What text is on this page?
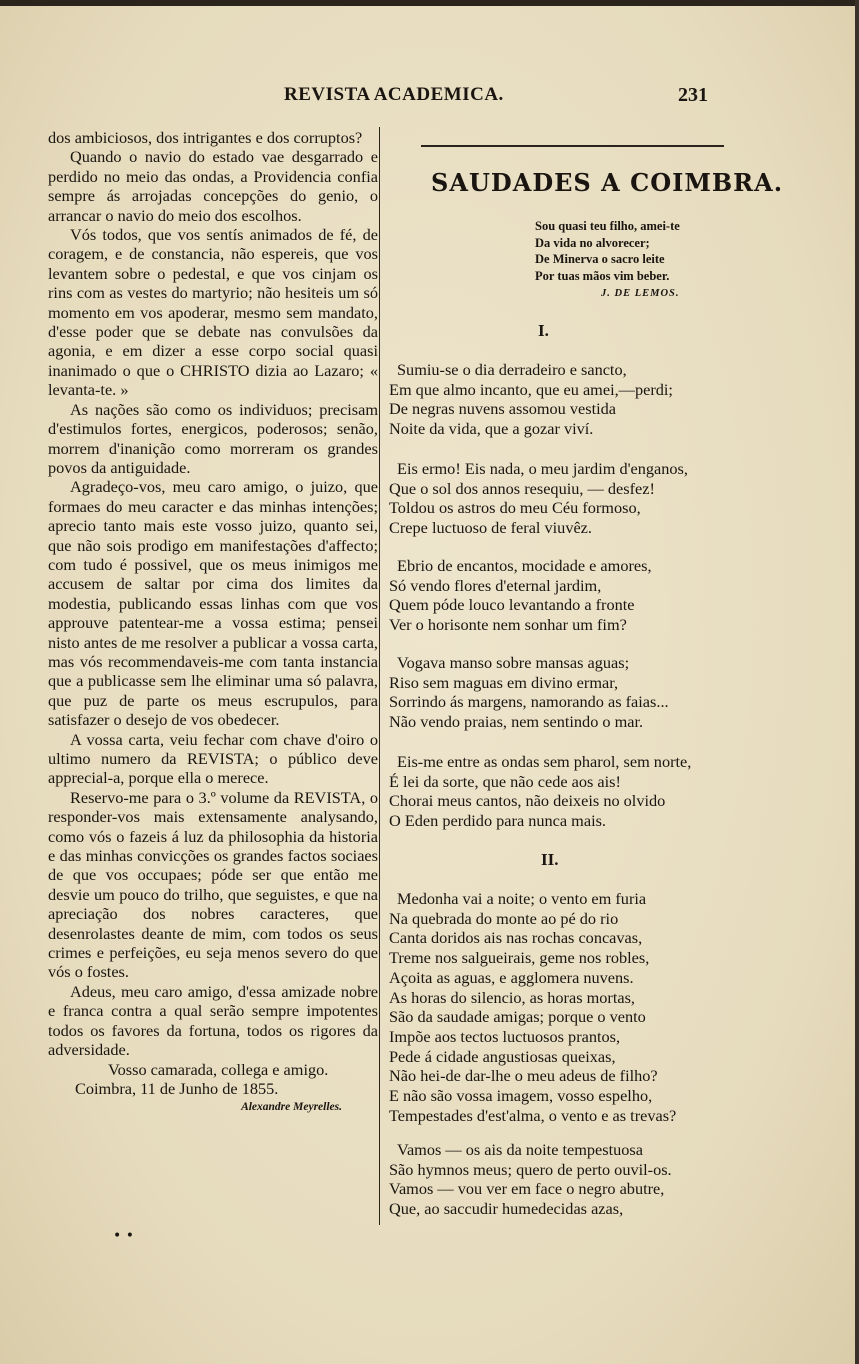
REVISTA ACADEMICA.	231

dos ambiciosos, dos intrigantes e dos corruptos?

Quando o navio do estado vae desgarrado e perdido no meio das ondas, a Providencia confia sempre ás arrojadas concepções do genio, o arrancar o navio do meio dos escolhos.

Vós todos, que vos sentís animados de fé, de coragem, e de constancia, não espereis, que vos levantem sobre o pedestal, e que vos cinjam os rins com as vestes do martyrio; não hesiteis um só momento em vos apoderar, mesmo sem mandato, d'esse poder que se debate nas convulsões da agonia, e em dizer a esse corpo social quasi inanimado o que o CHRISTO dizia ao Lazaro; « levanta-te. »

As nações são como os individuos; precisam d'estimulos fortes, energicos, poderosos; senão, morrem d'inanição como morreram os grandes povos da antiguidade.

Agradeço-vos, meu caro amigo, o juizo, que formaes do meu caracter e das minhas intenções; aprecio tanto mais este vosso juizo, quanto sei, que não sois prodigo em manifestações d'affecto; com tudo é possivel, que os meus inimigos me accusem de saltar por cima dos limites da modestia, publicando essas linhas com que vos approuve patentear-me a vossa estima; pensei nisto antes de me resolver a publicar a vossa carta, mas vós recommendaveis-me com tanta instancia que a publicasse sem lhe eliminar uma só palavra, que puz de parte os meus escrupulos, para satisfazer o desejo de vos obedecer.

A vossa carta, veiu fechar com chave d'oiro o ultimo numero da REVISTA; o público deve apprecial-a, porque ella o merece.

Reservo-me para o 3.º volume da REVISTA, o responder-vos mais extensamente analysando, como vós o fazeis á luz da philosophia da historia e das minhas convicções os grandes factos sociaes de que vos occupaes; póde ser que então me desvie um pouco do trilho, que seguistes, e que na apreciação dos nobres caracteres, que desenrolastes deante de mim, com todos os seus crimes e perfeições, eu seja menos severo do que vós o fostes.

Adeus, meu caro amigo, d'essa amizade nobre e franca contra a qual serão sempre impotentes todos os favores da fortuna, todos os rigores da adversidade.

Vosso camarada, collega e amigo.

Coimbra, 11 de Junho de 1855.

Alexandre Meyrelles.

• •
SAUDADES A COIMBRA.
Sou quasi teu filho, amei-te
Da vida no alvorecer;
De Minerva o sacro leite
Por tuas mãos vim beber.
J. DE LEMOS.
I.
Sumiu-se o dia derradeiro e sancto,
Em que almo incanto, que eu amei,—perdi;
De negras nuvens assomou vestida
Noite da vida, que a gozar viví.
Eis ermo! Eis nada, o meu jardim d'enganos,
Que o sol dos annos resequiu, — desfez!
Toldou os astros do meu Céu formoso,
Crepe luctuoso de feral viuvêz.
Ebrio de encantos, mocidade e amores,
Só vendo flores d'eternal jardim,
Quem póde louco levantando a fronte
Ver o horisonte nem sonhar um fim?
Vogava manso sobre mansas aguas;
Riso sem maguas em divino ermar,
Sorrindo ás margens, namorando as faias...
Não vendo praias, nem sentindo o mar.
Eis-me entre as ondas sem pharol, sem norte,
É lei da sorte, que não cede aos ais!
Chorai meus cantos, não deixeis no olvido
O Eden perdido para nunca mais.
II.
Medonha vai a noite; o vento em furia
Na quebrada do monte ao pé do rio
Canta doridos ais nas rochas concavas,
Treme nos salgueirais, geme nos robles,
Açoita as aguas, e agglomera nuvens.
As horas do silencio, as horas mortas,
São da saudade amigas; porque o vento
Impõe aos tectos luctuosos prantos,
Pede á cidade angustiosas queixas,
Não hei-de dar-lhe o meu adeus de filho?
E não são vossa imagem, vosso espelho,
Tempestades d'est'alma, o vento e as trevas?
Vamos — os ais da noite tempestuosa
São hymnos meus; quero de perto ouvil-os.
Vamos — vou ver em face o negro abutre,
Que, ao saccudir humedecidas azas,
